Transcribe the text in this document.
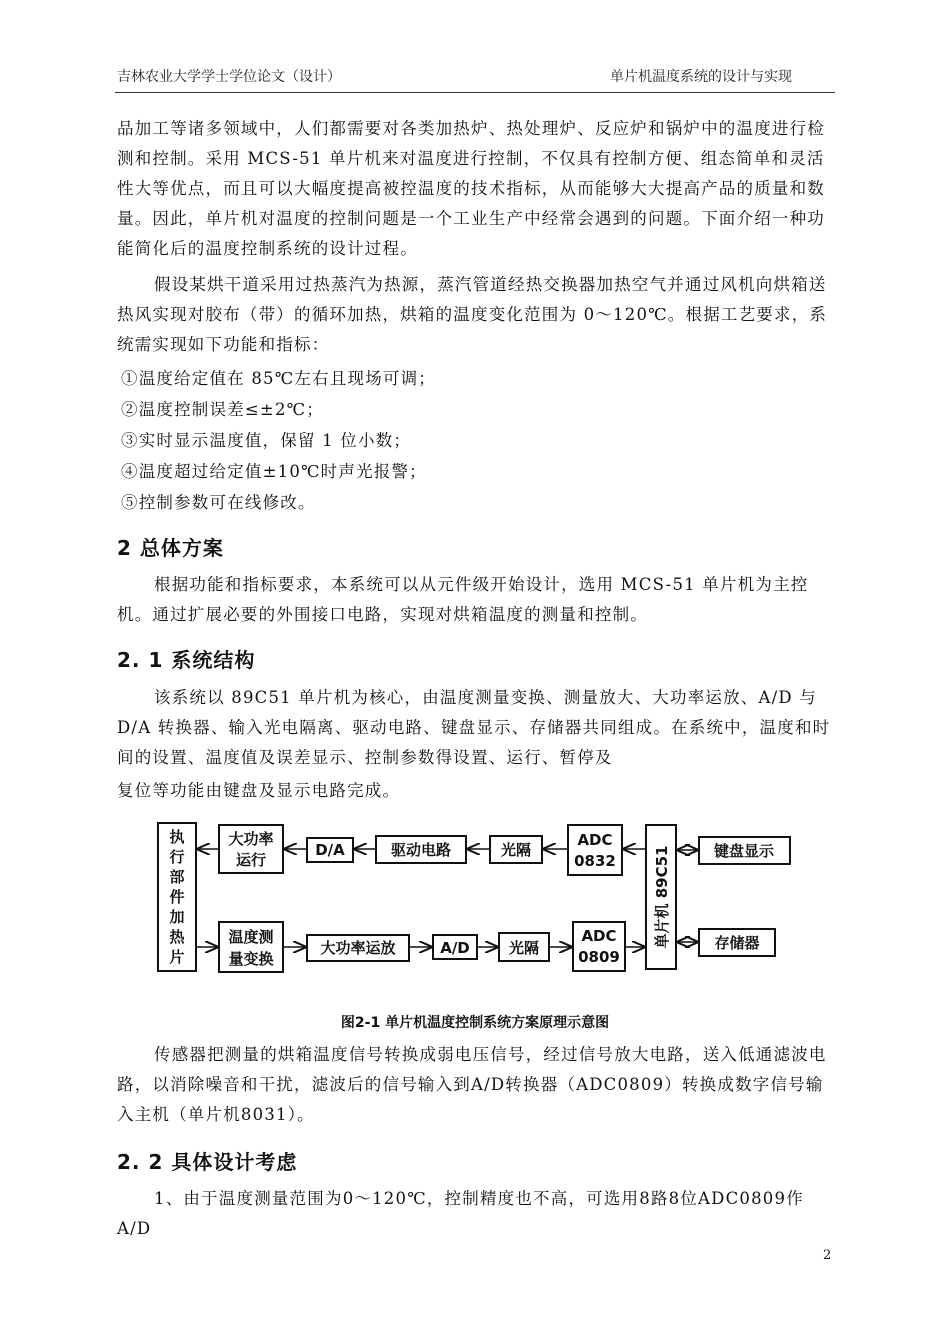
吉林农业大学学士学位论文（设计）	单片机温度系统的设计与实现

品加工等诸多领域中，人们都需要对各类加热炉、热处理炉、反应炉和锅炉中的温度进行检测和控制。采用 MCS-51 单片机来对温度进行控制，不仅具有控制方便、组态简单和灵活性大等优点，而且可以大幅度提高被控温度的技术指标，从而能够大大提高产品的质量和数量。因此，单片机对温度的控制问题是一个工业生产中经常会遇到的问题。下面介绍一种功能简化后的温度控制系统的设计过程。

假设某烘干道采用过热蒸汽为热源，蒸汽管道经热交换器加热空气并通过风机向烘箱送热风实现对胶布（带）的循环加热，烘箱的温度变化范围为 0～120℃。根据工艺要求，系统需实现如下功能和指标：

①温度给定值在 85℃左右且现场可调；
②温度控制误差≤±2℃；
③实时显示温度值，保留 1 位小数；
④温度超过给定值±10℃时声光报警；
⑤控制参数可在线修改。
2 总体方案

根据功能和指标要求，本系统可以从元件级开始设计，选用 MCS-51 单片机为主控机。通过扩展必要的外围接口电路，实现对烘箱温度的测量和控制。

2. 1 系统结构

该系统以 89C51 单片机为核心，由温度测量变换、测量放大、大功率运放、A/D 与 D/A 转换器、输入光电隔离、驱动电路、键盘显示、存储器共同组成。在系统中，温度和时间的设置、温度值及误差显示、控制参数得设置、运行、暂停及

复位等功能由键盘及显示电路完成。

执
行
部
件
加
热
片
大功率
运行
D/A	驱动电路	光隔
ADC
0832 单片机 89C51	键盘显示
温度测
量变换
大功率运放	A/D	光隔
ADC
0809
存储器
图2-1 单片机温度控制系统方案原理示意图

传感器把测量的烘箱温度信号转换成弱电压信号，经过信号放大电路，送入低通滤波电路，以消除噪音和干扰，滤波后的信号输入到A/D转换器（ADC0809）转换成数字信号输入主机（单片机8031）。

2. 2 具体设计考虑

1、由于温度测量范围为0～120℃，控制精度也不高，可选用8路8位ADC0809作A/D

2
